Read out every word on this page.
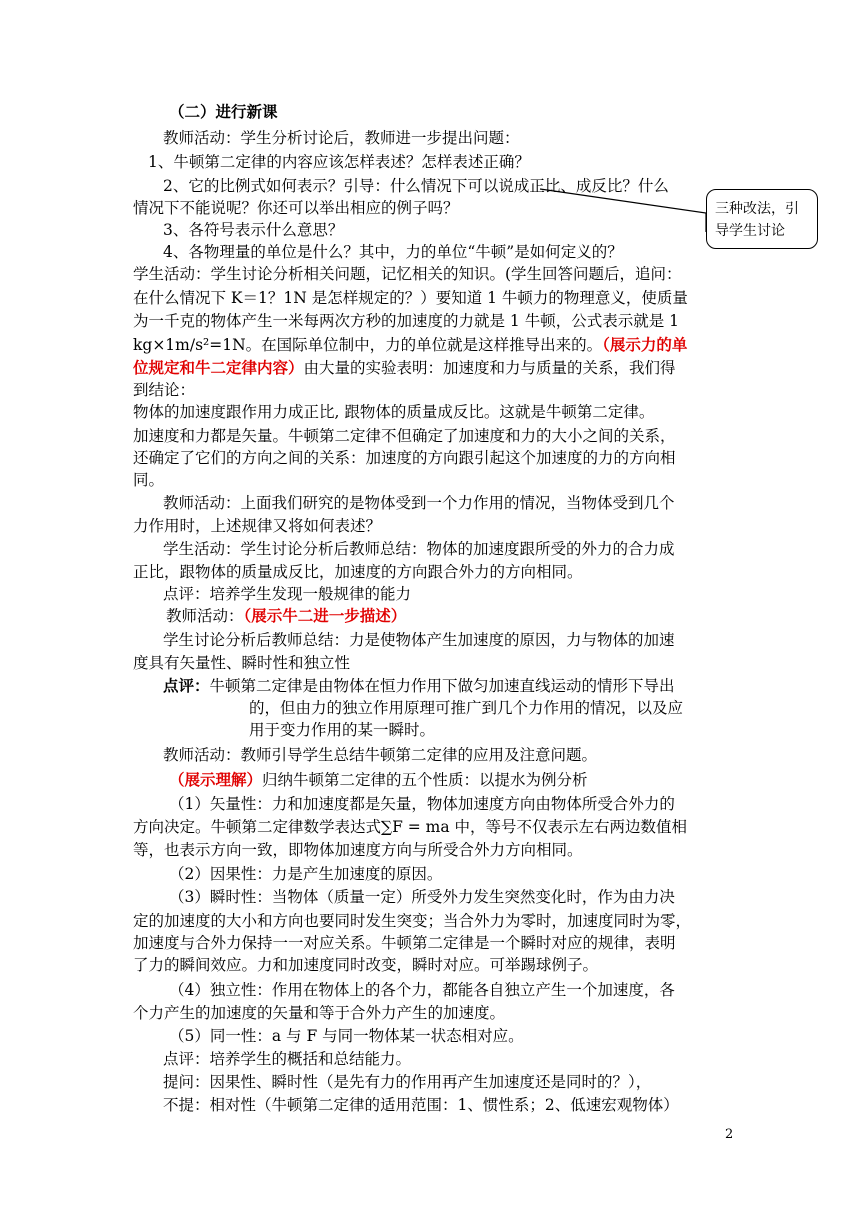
三种改法，引
导学生讨论
（二）进行新课
教师活动：学生分析讨论后，教师进一步提出问题：
1、牛顿第二定律的内容应该怎样表述？怎样表述正确？
2、它的比例式如何表示？引导：什么情况下可以说成正比、成反比？什么
情况下不能说呢？你还可以举出相应的例子吗？
3、各符号表示什么意思？
4、各物理量的单位是什么？其中，力的单位“牛顿”是如何定义的？
学生活动：学生讨论分析相关问题，记忆相关的知识。(学生回答问题后，追问：
在什么情况下 K＝1？1N 是怎样规定的？）要知道 1 牛顿力的物理意义，使质量
为一千克的物体产生一米每两次方秒的加速度的力就是 1 牛顿，公式表示就是 1
kg×1m/s²=1N。在国际单位制中，力的单位就是这样推导出来的。（展示力的单
位规定和牛二定律内容）由大量的实验表明：加速度和力与质量的关系，我们得
到结论：
物体的加速度跟作用力成正比, 跟物体的质量成反比。这就是牛顿第二定律。
加速度和力都是矢量。牛顿第二定律不但确定了加速度和力的大小之间的关系，
还确定了它们的方向之间的关系：加速度的方向跟引起这个加速度的力的方向相
同。
教师活动：上面我们研究的是物体受到一个力作用的情况，当物体受到几个
力作用时，上述规律又将如何表述？
学生活动：学生讨论分析后教师总结：物体的加速度跟所受的外力的合力成
正比，跟物体的质量成反比，加速度的方向跟合外力的方向相同。
点评：培养学生发现一般规律的能力
教师活动：（展示牛二进一步描述）
学生讨论分析后教师总结：力是使物体产生加速度的原因，力与物体的加速
度具有矢量性、瞬时性和独立性
点评：牛顿第二定律是由物体在恒力作用下做匀加速直线运动的情形下导出
的，但由力的独立作用原理可推广到几个力作用的情况，以及应
用于变力作用的某一瞬时。
教师活动：教师引导学生总结牛顿第二定律的应用及注意问题。
（展示理解）归纳牛顿第二定律的五个性质：以提水为例分析
（1）矢量性：力和加速度都是矢量，物体加速度方向由物体所受合外力的
方向决定。牛顿第二定律数学表达式∑F = ma 中，等号不仅表示左右两边数值相
等，也表示方向一致，即物体加速度方向与所受合外力方向相同。
（2）因果性：力是产生加速度的原因。
（3）瞬时性：当物体（质量一定）所受外力发生突然变化时，作为由力决
定的加速度的大小和方向也要同时发生突变；当合外力为零时，加速度同时为零，
加速度与合外力保持一一对应关系。牛顿第二定律是一个瞬时对应的规律，表明
了力的瞬间效应。力和加速度同时改变，瞬时对应。可举踢球例子。
（4）独立性：作用在物体上的各个力，都能各自独立产生一个加速度，各
个力产生的加速度的矢量和等于合外力产生的加速度。
（5）同一性：a 与 F 与同一物体某一状态相对应。
点评：培养学生的概括和总结能力。
提问：因果性、瞬时性（是先有力的作用再产生加速度还是同时的？），
不提：相对性（牛顿第二定律的适用范围：1、惯性系；2、低速宏观物体）
2
